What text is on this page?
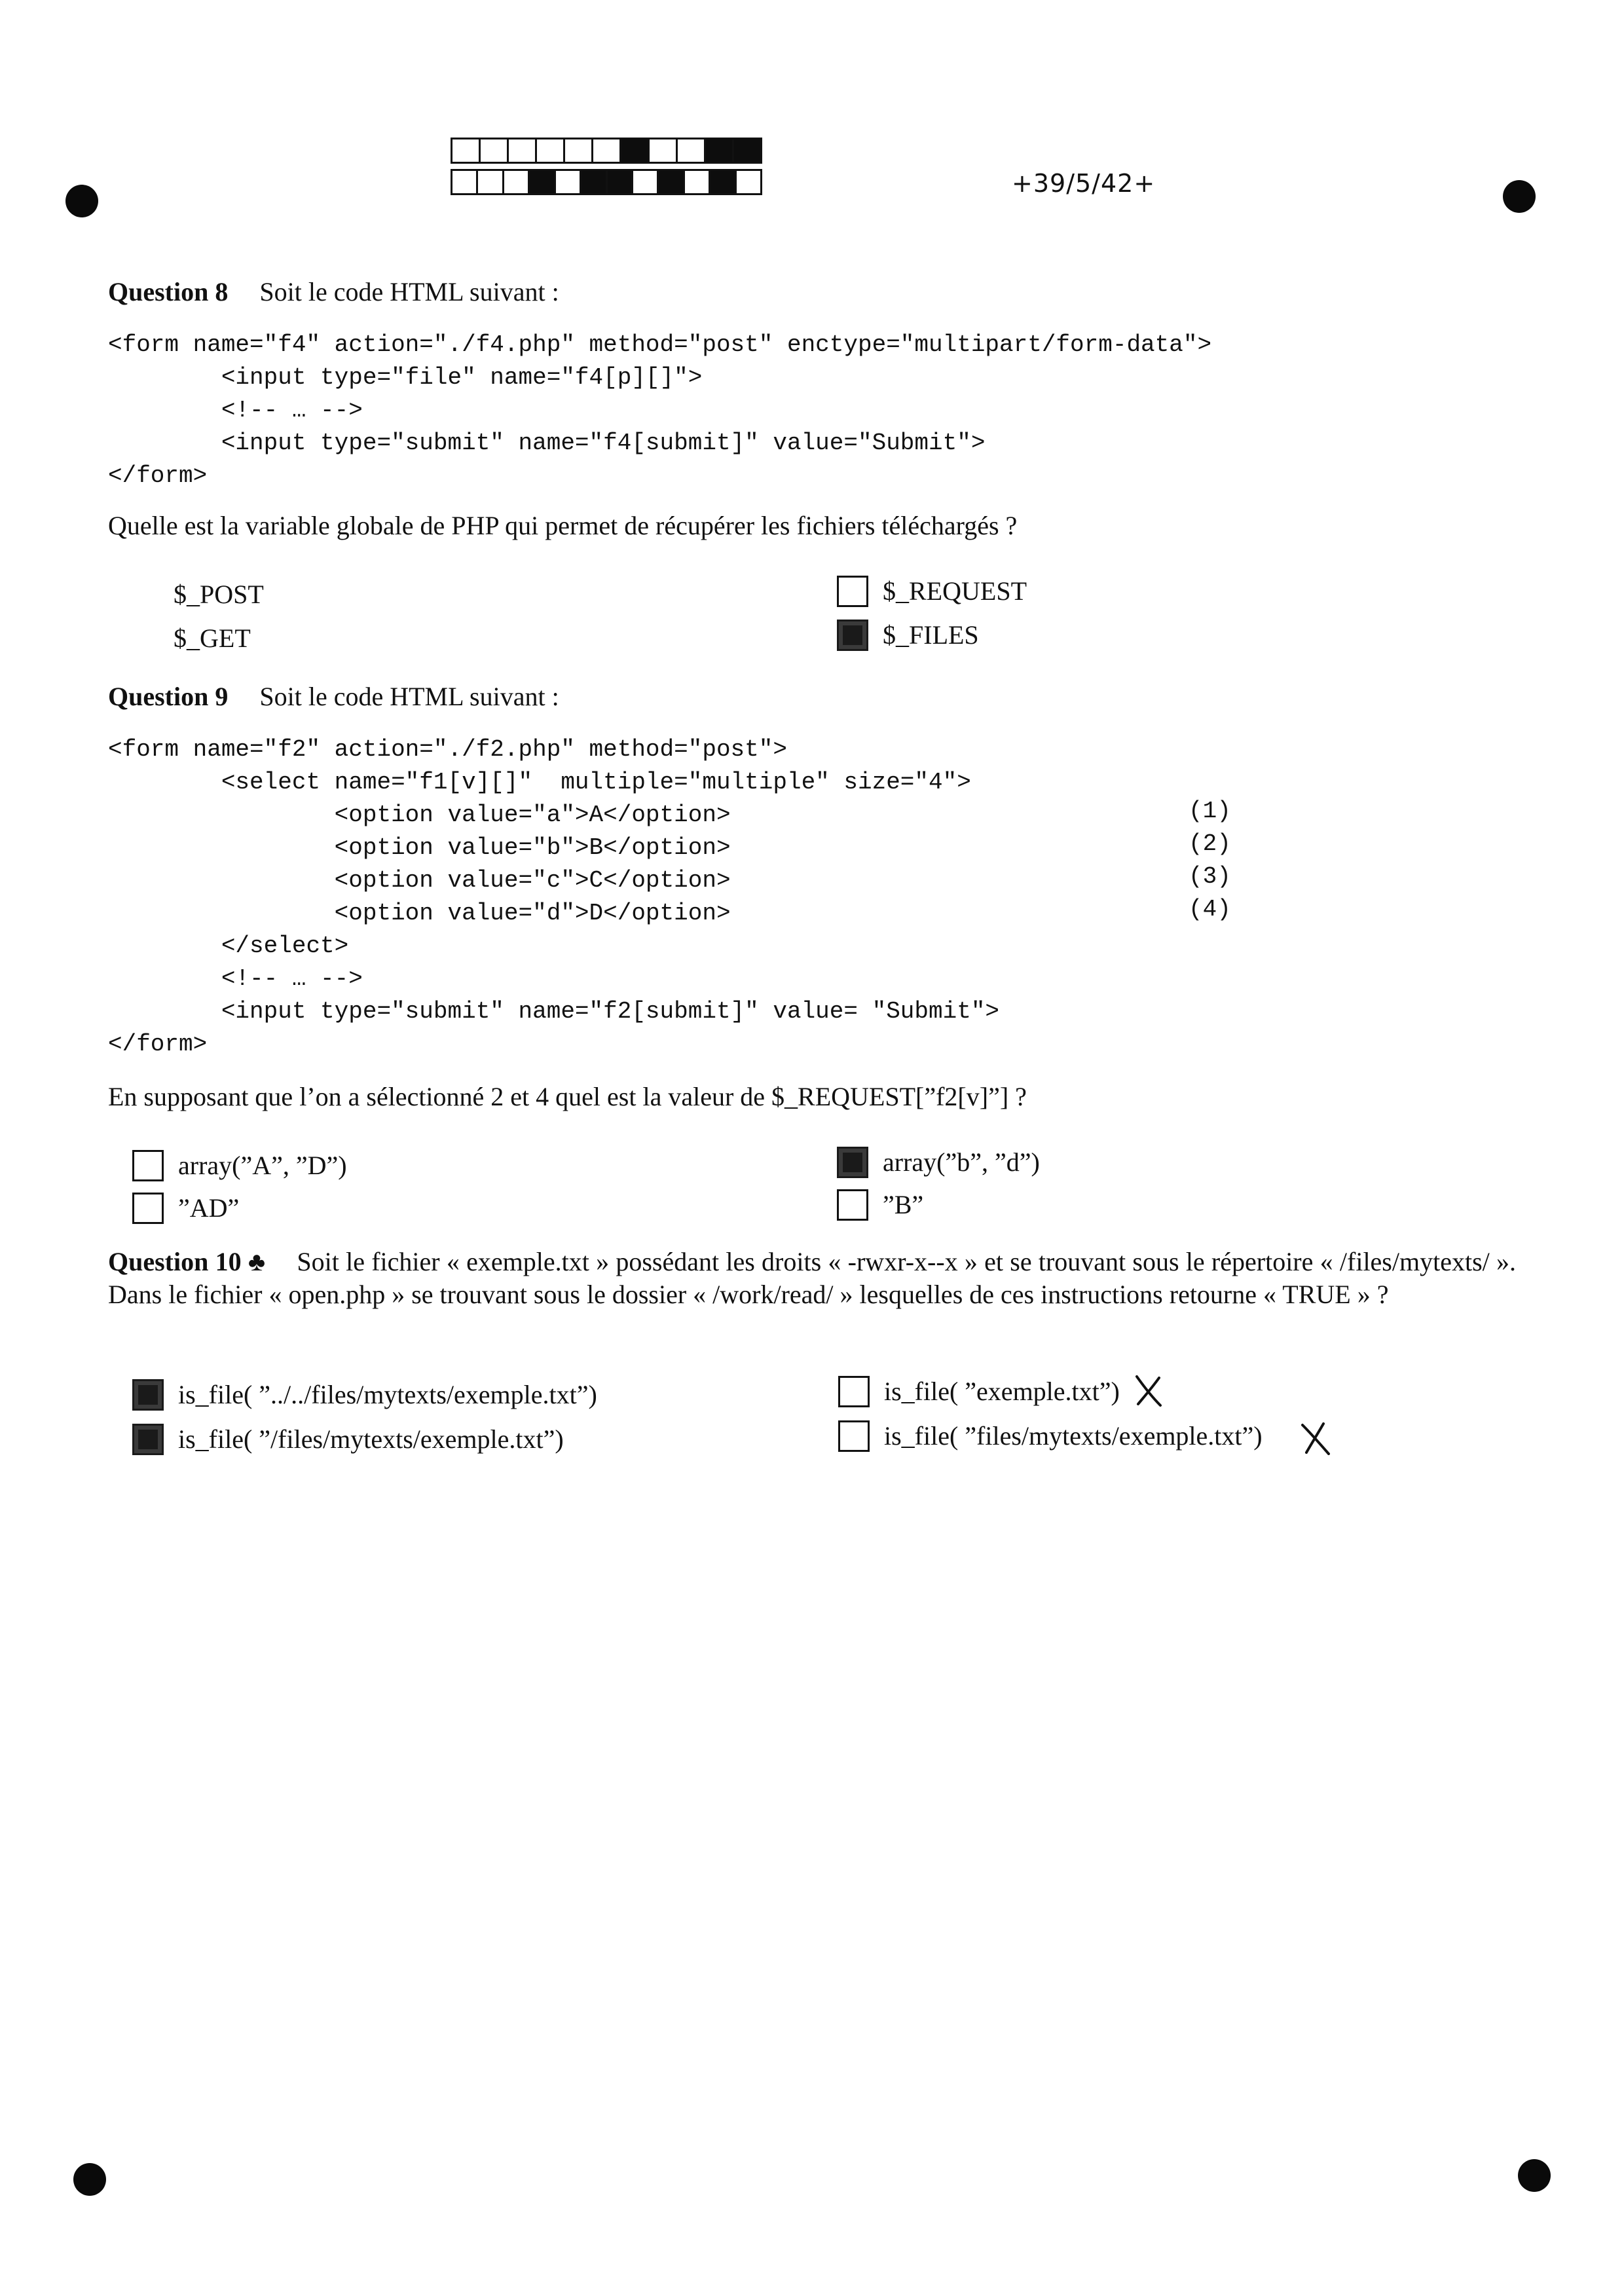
+39/5/42+
Question 8 Soit le code HTML suivant :
<form name="f4" action="./f4.php" method="post" enctype="multipart/form-data">
<input type="file" name="f4[p][]">
<!-- … -->
<input type="submit" name="f4[submit]" value="Submit">
</form>
Quelle est la variable globale de PHP qui permet de récupérer les fichiers téléchargés ?
$_POST	$_REQUEST
$_GET	$_FILES
Question 9 Soit le code HTML suivant :
<form name="f2" action="./f2.php" method="post">
<select name="f1[v][]"  multiple="multiple" size="4">
<option value="a">A</option>
<option value="b">B</option>
<option value="c">C</option>
<option value="d">D</option>
</select>
<!-- … -->
<input type="submit" name="f2[submit]" value= "Submit">
</form>
(1)
(2)
(3)
(4)
En supposant que l’on a sélectionné 2 et 4 quel est la valeur de $_REQUEST[”f2[v]”] ?
array(”A”, ”D”)	array(”b”, ”d”)
”AD”	”B”
Question 10 ♣ Soit le fichier « exemple.txt » possédant les droits « -rwxr-x--x » et se trouvant sous le répertoire « /files/mytexts/ ». Dans le fichier « open.php » se trouvant sous le dossier « /work/read/ » lesquelles de ces instructions retourne « TRUE » ?
is_file( ”../../files/mytexts/exemple.txt”)	is_file( ”exemple.txt”)
is_file( ”/files/mytexts/exemple.txt”)	is_file( ”files/mytexts/exemple.txt”)
